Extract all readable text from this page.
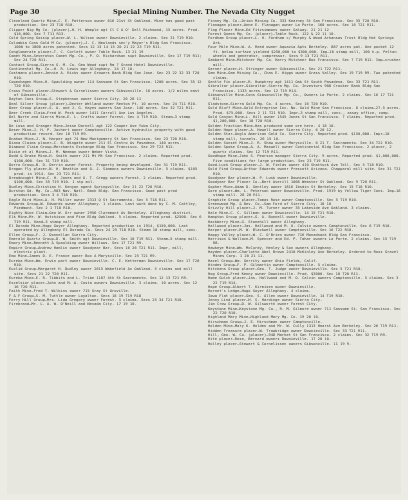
Page 30	Special Mining Number. The Nevada City Nugget

Cleveland Quartz Mine—C. E. Patterson owner 616 21st St Oakland. Mine has good past production. Sec 23 T18 R10.

Clipper Nig Mg Co. (placer)—H. H. Wemple agt Cl C A O' Dell Richmond, 15 acres. Prod. $16,000. Sec 7 T11 R13.

Cold Spring Gossip placer—W. L. Wilson owner Downieville. 2 claims. Sec 31 T19 R10.

Columbia Cons Gold M Co. (placer)—J. C. Newlands sec'y Mayor's Bldg San Francisco. 1000 to 1800 acres patented. Secs 12 13 14 15 20 21 22 23 T19 R11.

Conglomerate placer—T. C. Corlett owner Table Rock. 13 21 19

Comet Mine—Severoton Comet Mg. Co., P. O. Richardson supt Downieville. Sec 17 T19 R11; Sec 24 T20 R11.

Contact Group—Sierra G. M. Co. Geo Wood supt Rm 7 Grand Hotel Downieville.

Continental Mg. Co.—H. R. Lewis mgr Alleghany. 24 17 10.

Costmann placer—Jennie A. Ricks owner Growers Bank Bldg San Jose. Sec 23 22 32 33 T20 R10.

Copenhagen Mine—H. Spaulding owner 114 Sansome St San Francisco. 1200 acres. Sec 35 12 T20 R10.

Cross Point placer—Stewart & Cornelissen owners Gibsonville. 10 acres. 1/2 miles east of Gibsonville.

Dayton Cons Group—S. Stephenson owner Sierra City. 26 28 11

Deal Silver Group (placer)—Dexter Welland owner Renton Pt. 10 acres. Sec 24 T11 R10.

Deer Group placer—S. A. and J. G. Hayes owners San Jose. 140 acres. Sec 32 T21 R11.

Deer Creek Claim—Fred W. Peck owner 1411 Carroll Ave Los Angeles.

Del Norte and Sierra Mine—E. L. Crafts owner Forest. Sec 4 T19 R10. Steam—3 stamp mill.

De Losa and Granger Mine—Jesse Darnell agt 122 Cooper Ave Yuba City.

Deser Mine—J. H. P. Jochert owner Camptonville. Active hydraulic property with good production record. Sec 18 T19 R9.

Dnahoe Mine—J. N. Harper agt 74 New Montgomery St San Francisco. Sec 23 T20 R10.

Diana Claims placer—C. B. Wingate owner 211 El Centro Av Pasadena. 140 acres.

Diamond Claim Group—Merchants Exchange Bldg San Francisco. Sec 29 T23 R12.

Dixie et al Mines—J. M. Neeman owner Weber Vista.

Dodd & Drake Mine—H. Smith owner 211 Mt Mt San Francisco. 2 claims. Reported prod. $100,000. Sec 31 T19 R10.

Dorro Group—B. D. Derrin owner Forest. Property being developed. Sec 31 T19 R11.

Dragon Fly placer—N. H. Beattie and O. J. Simmons owners Downieville. 5 claims. $105 prod. in 1914. Sec 23 T21 R11.

Dreadnought Mine—C. H. Jones and O. T. Gregg owners Forest. 2 claims. Reported prod. $106,000. Sec 35 T19 R10. 1 stp mil.

Dudley Mine—Christian H. Kenyon agent Springville. Sec 21 22 T20 R10.

Durston Gd. Mg. Co.—903 Nav. Natl. Bank Bldg. San Francisco. Good past prod production. Secs 3 4 T18 R10.

Eagle Bird Mine—A. H. Miller owner 2313 Q St Sacramento. Sec 5 T18 R11.

Edwards Group—W. Edwards owner Alleghany. 1 claims. Last work done by C. M. Cattley, Piedmont. Sec 2 1 T18 R10.

Eighty Nine Claim—Geo W. Orr owner 2956 Claremont Av Berkeley. Alleghany district.

Elk Mine—Mr. W. Hutchison and Pine Bldg Oakland. 5 claims. Reported prod. $2500. Sec 6 T19 R11. Hand—3 stamp mill.

El Dorado Mine—Hugo Goyer Alleghany. Reported production in 1914, $150,000. Last operated by Alleghany El Dorado Co. Secs 24 25 T18 R10. Steam 10 stamp mill, conc.

Ellen Group—F. J. Donnellan Sierra City.

Emerald Quartz Group—D. W. Smith agt Downieville. Sec 10 T19 R11. Steam—5 stamp mill.

Emory Mine—Bennett & Spaulding owner Willows. Sec 17 T21 R9.

Empire Group—Andrew Hamlin owner Goodyear Bar. Secs 16 26 T21 R11. Impr, mill, electric plant.

Emo Mine—James D. E. France owner Box A Marysville. Sec 25 T21 R9.

Eureka Mine—Wm. Erwin part owner Downieville. C. E. Ketterman Downieville. Sec 17 T20 R10.

Euclid Group—Margaret H. Dudley owner 2615 Wakefield Av Oakland. 5 claims and mill site. Secs 21 22 T20 R11.

Eureka Mine—E. R. Tibbits and L. Tribe 1107 4th St Sacramento. Sec 12 13 T21 R9.

Excelsior placer—John and M. A. Costa owners Downieville. 3 claims. 10 acres. Sec 12 16 T20 R11.

Faith Mine—Fred T. Wilkins owner 715 Gray St Oroville.

F & F Group—S. M. Tuttle owner Loyalton. Secs 18 19 T19 R18

Ferry Hill Group—Mrs. Lida Gregory owner Forest. 5 claims. Secs 25 34 T21 R10.

Firebrand—Mr. L. A. W. O'Neill and Nevada City. 17 19 10.

Finney Mg. Co.—Orion Mining Co. 333 Kearney St San Francisco. Sec 35 T20 R10.

Flanagan placer—Anne E. Flanagan owner La Porte. 160 acres. Sec 16 T21 R11.

Flag Placer Mine—Ed Fitzsimmons owner Galway. 21 21 12

Forest Queen Mg. Co. (placer)—Table Rock. 122 & 22 11 10.

Fordham Group placer—L. H. Fordham c/ Murphy & Wood Arkansas Trust Bldg Hot Springs Ark.

Four Mile Mine—W. A. Reed owner Aquavia Apts Berkeley. 887 acres pat. One pocket 12 ft. below surface yielded $250,000 to $300,000. Imp—16 stamp mill, 100 h.p. Pelton wheels and generator, compressor. Secs 9 13 T21 R11.

Gabbard Mine—Mitchner Mg. Co. Harry Mitchner Box Francisco. Sec 7 T19 R12. Imp—crusher mill.

Garner placer—H. Stringer owner Gibsonville. Sec 21 T22 R11.

Gem Mine—Gem Mining Co., Chas E. Higgs owner Grass Valley. Sec 19 T19 R9. Two patented claims.

Gentle Fin placer—R. Humphrey agt 1411 Oak St South Pasadena. Sec 33 T21 R11.

Gibraltar placer—Gibraltar-Sierra Mg. Co. Investors 908 Crocker Bank Bldg San Francisco. 1133 acres. Sec 12 T19 R14.

Gibsonville Mine—Cons Gibsonville Mg. Co., Owners La Porte. 2 claims. Sec 16 17 T21 R11.

Gladstone—Sierra Gold Mg. Co. 4 acres. Sec 16 T20 R10.

Gold Bluff Mine—Gold Entreprise Inc. No. Gold Mine San Francisco. 8 claims—27.5 acres. Prod. $75,000. Secs 2 11 T21 R10. Impr—3 stamp mill, conc., assay office, comp.

Gold Canyon Mine—L. Hill owner 1545 Jones St San Francisco. 7 claims. Reported prod. $1,200,000. Sec 18 T20 R10.

Golden Fraction Mine—Has produced some ore here. 4 18 10.

Golden Hope placer—A. Howell owner Sierra City. 6 20 12.

Golden Star—Anglo American Gold Co. Sierra City. Reported prod. $150,000. Impr—10 stamp mill, tunnels. 26 15 10.

Golden Sunset Mine—J. R. Shaw owner Marysville. 6 21 T. Sacramento. Sec 34 T22 R10.

Golden Spoke Group—A. A. Maxwell owner Continental Bldg San Francisco. 2 placer, 2 quartz claims. Sec 12 T19 R11.

Goodhope Mine—John S. Pearson manager Sierra City. 9 acres. Reported prod. $1,000,000. Five conditions for large production. Sec 23 T19 R11.

Good-Luck Group placer—J. W. Fields owner 410 Shattuck Ave Tell. Sec 5 T18 R10.

Gold Find Group—Arthur Edwards owner Prescott Arizona. Chapparal mill site. Sec 31 T21 R10.

Goodyear Bar placer—W. P. Lusk owner Downieville.

Goodyear Bar Placer Co.—Bert Averill 1068 Webster St Oakland. Sec 9 T20 R11.

Gopher Mine—Adam D. Gentley owner 1816 Ibsdin St Berkeley. Sec 15 T18 R10.

Gore placer—Wm. L. Peterson owner Downieville. Prod. 1919 by Yellow Tiger Cons. Imp—16 stamp mill. 28 20 R11.

Graphite Group placer—Tomas Rose owner Camptonville. Sec 5 T19 R10.

Greenwood Mg. & Dev. Co.—Sam Ford of Sierra City. 18 10

Grizzly Hill placer—J. M. Turner owner 35 Lakeside Ave Oakland. 3 claims.

Hale Mine—C. C. Sillman owner Downieville. 14 15 T21 R10.

Hampton Group placer—G. A. Bunnell owner Downieville.

Hackberry Mine—G. Stonehill owner Alleghany.

Hallwood placer—Jas. Hallwood and M. O. Calvin owners Camptonville. Sec 6 T19 R10.

Harper placer—M. W. Blackwell owner Camptonville. Sec 16 T22 R10.

Happy Valley placer—W. C. O'Brien owner 716 Monadnock Bldg San Francisco.

Harrison & Wallace—M. Spencer and Ed. P. Tahar owners La Porte. 2 claims. Sec 15 T19 R8.

Hawkeye Mine—Wm. McCurdy, Henley & Son owners Alleghany.

Hayden placer—Charlotte Abel Brown 2410 McKinley Ave Berkeley. Ordered to Ross Gravel Mines Corp. 1 20 21 11.

Hazel Group—Wm. Gerrity owner Ohio Fields, Calif.

Hindes Group—F. P. Gilmartin owner Camptonville. 5 claims.

Hitchens Group placer—Geo. T. Judge owner Downieville. Sec 5 T21 R10.

Hog Group—Fred Kenny owner Downieville. Prod. $3000. Sec 18 T20 R11.

Home Gulch placer—Jas. Hallwood and M. O. Calvin owners Camptonville. 5 claims. Sec 3 22 T19 R14.

Hope Group—Albert T. Kirmisen owner Downieville.

Hornet's Ledge—Hugo Goyer Alleghany. 4 claims.

Iowa Flat placer—Geo. S. Allen owner Downieville. 14 T19 R10.

Jenny Lind placer—H. S. Hardinge owner Sierra City.

Jim Crow Group—D. W. Gilsworth owner Forest City.

Keystone Mine—Keystone Mg. Co., R. M. Gilmore owner 711 Sansome St. San Francisco. Sec 22 T20 R10.

Highland Mary Mine—Highland Mary Mg. Co. 19 20 10.

Hirschman Group—J. E. Hirschman owner Camptonville.

Holden Mine—Mary K. Holden and Mr. W. Cully 1313 Hearst Ave Berkeley. Sec 26 T19 R11.

Hidden Treasure placer—W. Trowbridge owner Downieville. Sec 33 T21 R11.

Hill, Geo. W. Co. (placer)—948 Market St San Francisco. 2 claims. Sec 32 T19 R9.

Hite placer—Rose, Bernard owners Downieville. 17 20 10.

Holley placer—Stewart & Cornelissen owners Gibsonville. 11 19 9.
